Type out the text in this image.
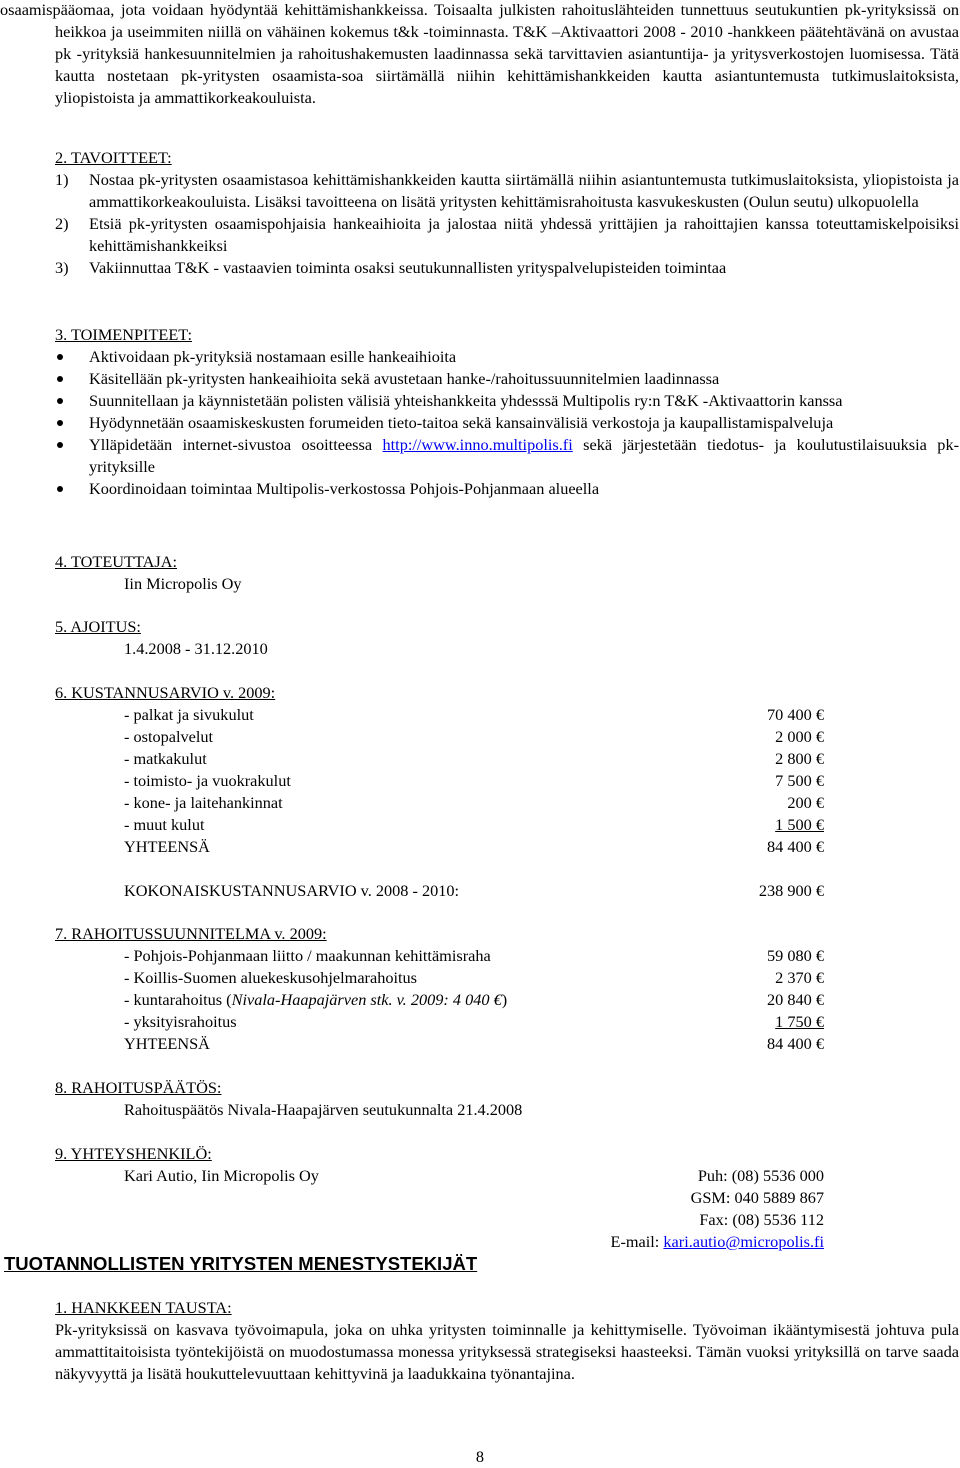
osaamispääomaa, jota voidaan hyödyntää kehittämishankkeissa. Toisaalta julkisten rahoituslähteiden tunnettuus seutukuntien pk-yrityksissä on heikkoa ja useimmiten niillä on vähäinen kokemus t&k -toiminnasta. T&K –Aktivaattori 2008 - 2010 -hankkeen päätehtävänä on avustaa pk -yrityksiä hankesuunnitelmien ja rahoitushakemusten laadinnassa sekä tarvittavien asiantuntija- ja yritysverkostojen luomisessa. Tätä kautta nostetaan pk-yritysten osaamista-soa siirtämällä niihin kehittämishankkeiden kautta asiantuntemusta tutkimuslaitoksista, yliopistoista ja ammattikorkeakouluista.

2. TAVOITTEET:
1) Nostaa pk-yritysten osaamistasoa kehittämishankkeiden kautta siirtämällä niihin asiantuntemusta tutkimuslaitoksista, yliopistoista ja ammattikorkeakouluista. Lisäksi tavoitteena on lisätä yritysten kehittämisrahoitusta kasvukeskusten (Oulun seutu) ulkopuolella
2) Etsiä pk-yritysten osaamispohjaisia hankeaihioita ja jalostaa niitä yhdessä yrittäjien ja rahoittajien kanssa toteuttamiskelpoisiksi kehittämishankkeiksi
3) Vakiinnuttaa T&K - vastaavien toiminta osaksi seutukunnallisten yrityspalvelupisteiden toimintaa
3. TOIMENPITEET:
Aktivoidaan pk-yrityksiä nostamaan esille hankeaihioita
Käsitellään pk-yritysten hankeaihioita sekä avustetaan hanke-/rahoitussuunnitelmien laadinnassa
Suunnitellaan ja käynnistetään polisten välisiä yhteishankkeita yhdesssä Multipolis ry:n T&K -Aktivaattorin kanssa
Hyödynnetään osaamiskeskusten forumeiden tieto-taitoa sekä kansainvälisiä verkostoja ja kaupallistamispalveluja
Ylläpidetään internet-sivustoa osoitteessa http://www.inno.multipolis.fi sekä järjestetään tiedotus- ja koulutustilaisuuksia pk-yrityksille
Koordinoidaan toimintaa Multipolis-verkostossa Pohjois-Pohjanmaan alueella
4. TOTEUTTAJA:
Iin Micropolis Oy
5. AJOITUS:
1.4.2008 - 31.12.2010
6. KUSTANNUSARVIO v. 2009:
- palkat ja sivukulut	70 400 €
- ostopalvelut	2 000 €
- matkakulut	2 800 €
- toimisto- ja vuokrakulut	7 500 €
- kone- ja laitehankinnat	200 €
- muut kulut	1 500 €
YHTEENSÄ	84 400 €

KOKONAISKUSTANNUSARVIO v. 2008 - 2010:	238 900 €
7. RAHOITUSSUUNNITELMA v. 2009:
- Pohjois-Pohjanmaan liitto / maakunnan kehittämisraha	59 080 €
- Koillis-Suomen aluekeskusohjelmarahoitus	2 370 €
- kuntarahoitus (Nivala-Haapajärven stk. v. 2009: 4 040 €)	20 840 €
- yksityisrahoitus	1 750 €
YHTEENSÄ	84 400 €
8. RAHOITUSPÄÄTÖS:
Rahoituspäätös Nivala-Haapajärven seutukunnalta 21.4.2008
9. YHTEYSHENKILÖ:
Kari Autio, Iin Micropolis Oy	Puh: (08) 5536 000
GSM: 040 5889 867
Fax: (08) 5536 112
E-mail: kari.autio@micropolis.fi
TUOTANNOLLISTEN YRITYSTEN MENESTYSTEKIJÄT
1. HANKKEEN TAUSTA:
Pk-yrityksissä on kasvava työvoimapula, joka on uhka yritysten toiminnalle ja kehittymiselle. Työvoiman ikääntymisestä johtuva pula ammattitaitoisista työntekijöistä on muodostumassa monessa yrityksessä strategiseksi haasteeksi. Tämän vuoksi yrityksillä on tarve saada näkyvyyttä ja lisätä houkuttelevuuttaan kehittyvinä ja laadukkaina työnantajina.
8
